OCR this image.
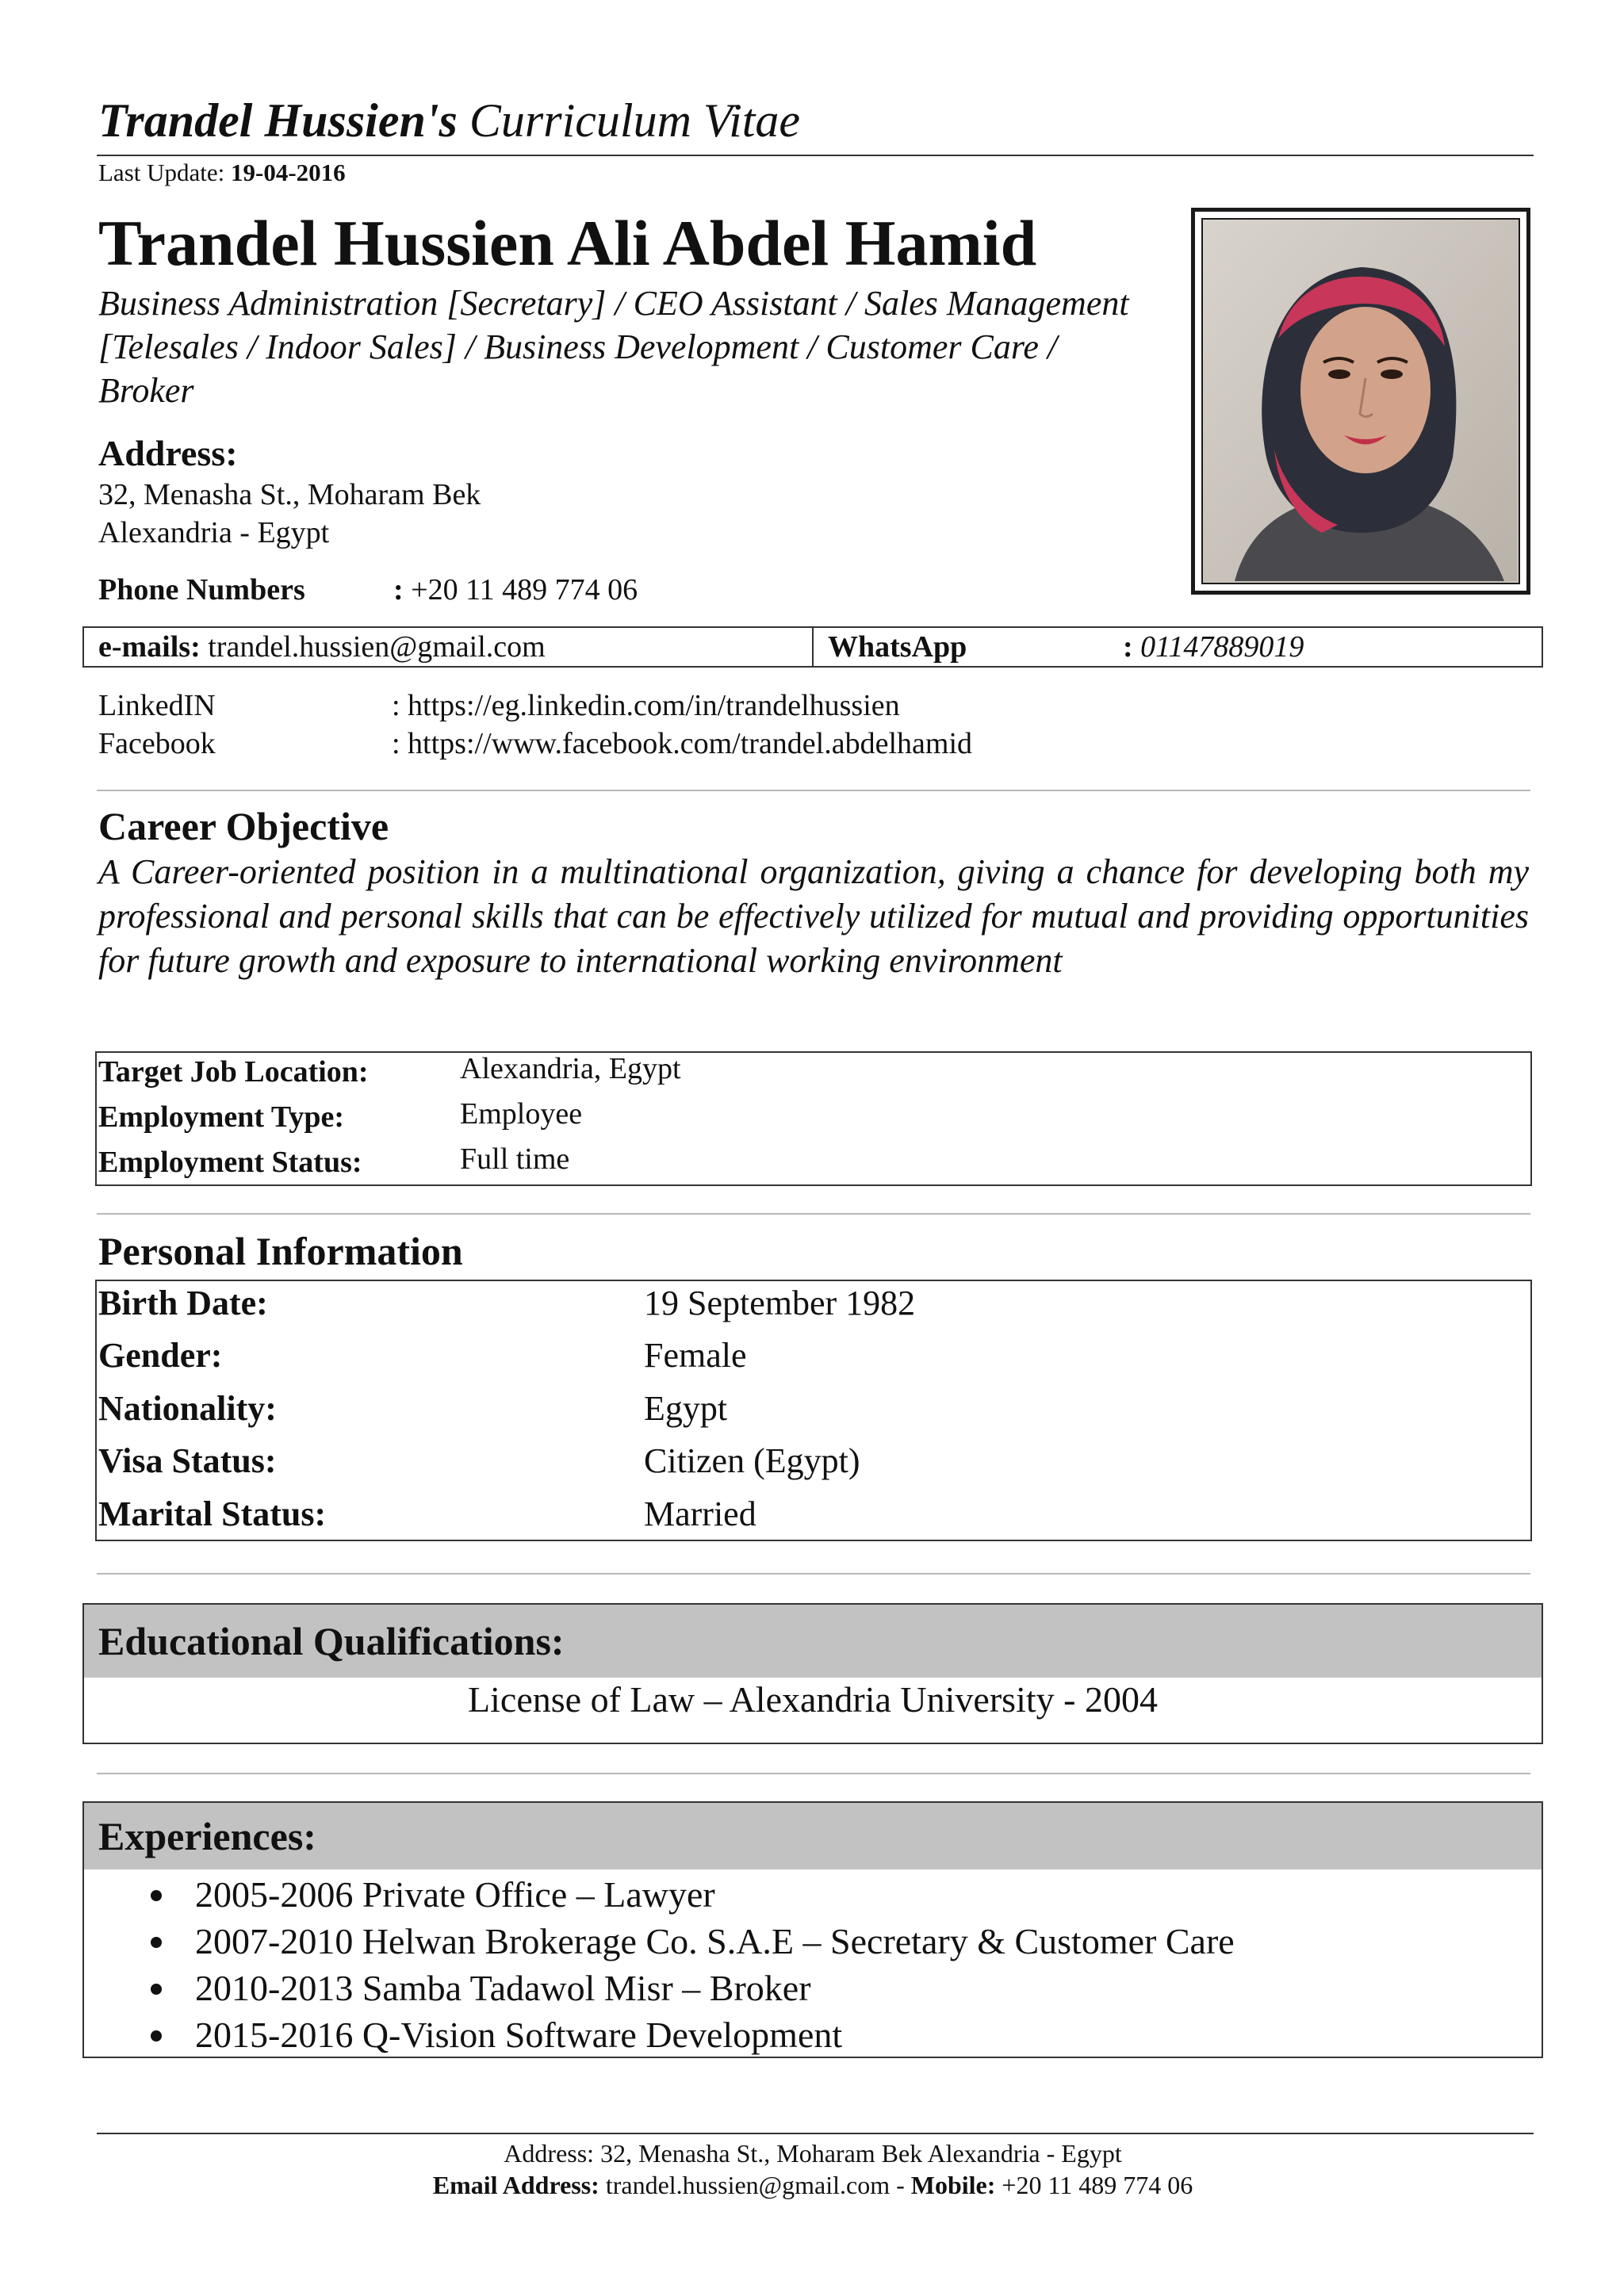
Trandel Hussien's Curriculum Vitae
Last Update: 19-04-2016
Trandel Hussien Ali Abdel Hamid
Business Administration [Secretary] / CEO Assistant / Sales Management [Telesales / Indoor Sales] / Business Development / Customer Care / Broker
Address:
32, Menasha St., Moharam Bek
Alexandria - Egypt
Phone Numbers	: +20 11 489 774 06
e-mails: trandel.hussien@gmail.com	WhatsApp	: 01147889019
LinkedIN	: https://eg.linkedin.com/in/trandelhussien
Facebook	: https://www.facebook.com/trandel.abdelhamid
Career Objective
A Career-oriented position in a multinational organization, giving a chance for developing both my professional and personal skills that can be effectively utilized for mutual and providing opportunities for future growth and exposure to international working environment
Target Job Location:	Alexandria, Egypt
Employment Type:	Employee
Employment Status:	Full time
Personal Information
Birth Date:	19 September 1982
Gender:	Female
Nationality:	Egypt
Visa Status:	Citizen (Egypt)
Marital Status:	Married
Educational Qualifications:
License of Law – Alexandria University - 2004
Experiences:
2005-2006 Private Office – Lawyer
2007-2010 Helwan Brokerage Co. S.A.E – Secretary & Customer Care
2010-2013 Samba Tadawol Misr – Broker
2015-2016 Q-Vision Software Development
Address: 32, Menasha St., Moharam Bek Alexandria - Egypt
Email Address: trandel.hussien@gmail.com - Mobile: +20 11 489 774 06
